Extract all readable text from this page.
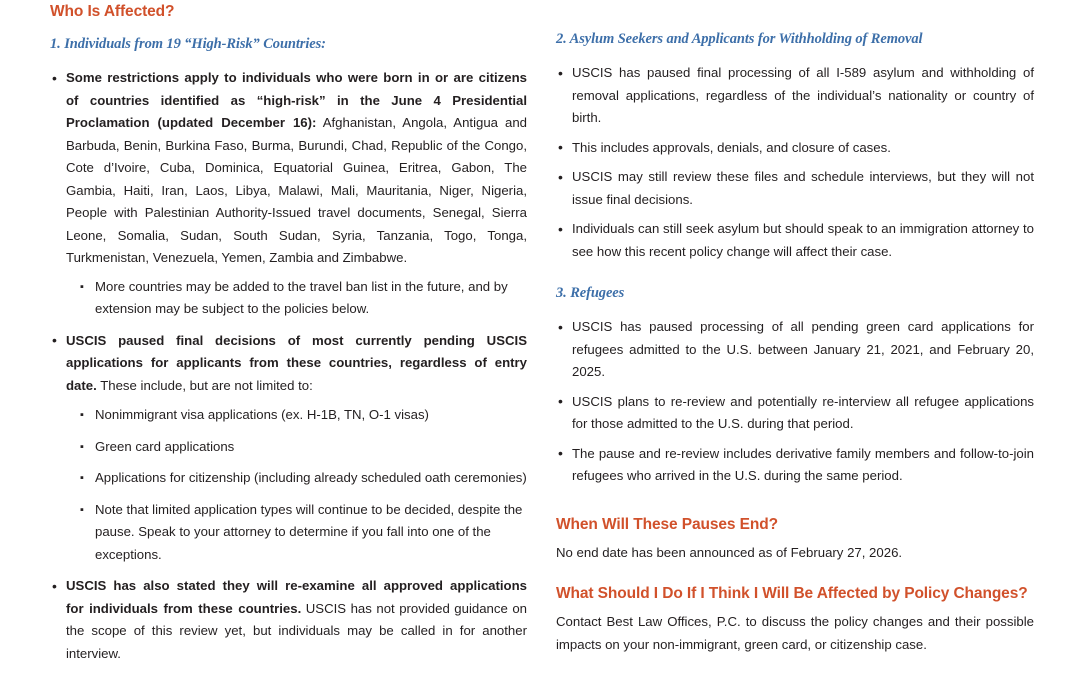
Who Is Affected?
1. Individuals from 19 “High-Risk” Countries:
• Some restrictions apply to individuals who were born in or are citizens of countries identified as “high-risk” in the June 4 Presidential Proclamation (updated December 16): Afghanistan, Angola, Antigua and Barbuda, Benin, Burkina Faso, Burma, Burundi, Chad, Republic of the Congo, Cote d’Ivoire, Cuba, Dominica, Equatorial Guinea, Eritrea, Gabon, The Gambia, Haiti, Iran, Laos, Libya, Malawi, Mali, Mauritania, Niger, Nigeria, People with Palestinian Authority-Issued travel documents, Senegal, Sierra Leone, Somalia, Sudan, South Sudan, Syria, Tanzania, Togo, Tonga, Turkmenistan, Venezuela, Yemen, Zambia and Zimbabwe.
▪ More countries may be added to the travel ban list in the future, and by extension may be subject to the policies below.
• USCIS paused final decisions of most currently pending USCIS applications for applicants from these countries, regardless of entry date. These include, but are not limited to:
▪ Nonimmigrant visa applications (ex. H-1B, TN, O-1 visas)
▪ Green card applications
▪ Applications for citizenship (including already scheduled oath ceremonies)
▪ Note that limited application types will continue to be decided, despite the pause. Speak to your attorney to determine if you fall into one of the exceptions.
• USCIS has also stated they will re-examine all approved applications for individuals from these countries. USCIS has not provided guidance on the scope of this review yet, but individuals may be called in for another interview.
2. Asylum Seekers and Applicants for Withholding of Removal
• USCIS has paused final processing of all I-589 asylum and withholding of removal applications, regardless of the individual’s nationality or country of birth.
• This includes approvals, denials, and closure of cases.
• USCIS may still review these files and schedule interviews, but they will not issue final decisions.
• Individuals can still seek asylum but should speak to an immigration attorney to see how this recent policy change will affect their case.
3. Refugees
• USCIS has paused processing of all pending green card applications for refugees admitted to the U.S. between January 21, 2021, and February 20, 2025.
• USCIS plans to re-review and potentially re-interview all refugee applications for those admitted to the U.S. during that period.
• The pause and re-review includes derivative family members and follow-to-join refugees who arrived in the U.S. during the same period.
When Will These Pauses End?
No end date has been announced as of February 27, 2026.
What Should I Do If I Think I Will Be Affected by Policy Changes?
Contact Best Law Offices, P.C. to discuss the policy changes and their possible impacts on your non-immigrant, green card, or citizenship case.
